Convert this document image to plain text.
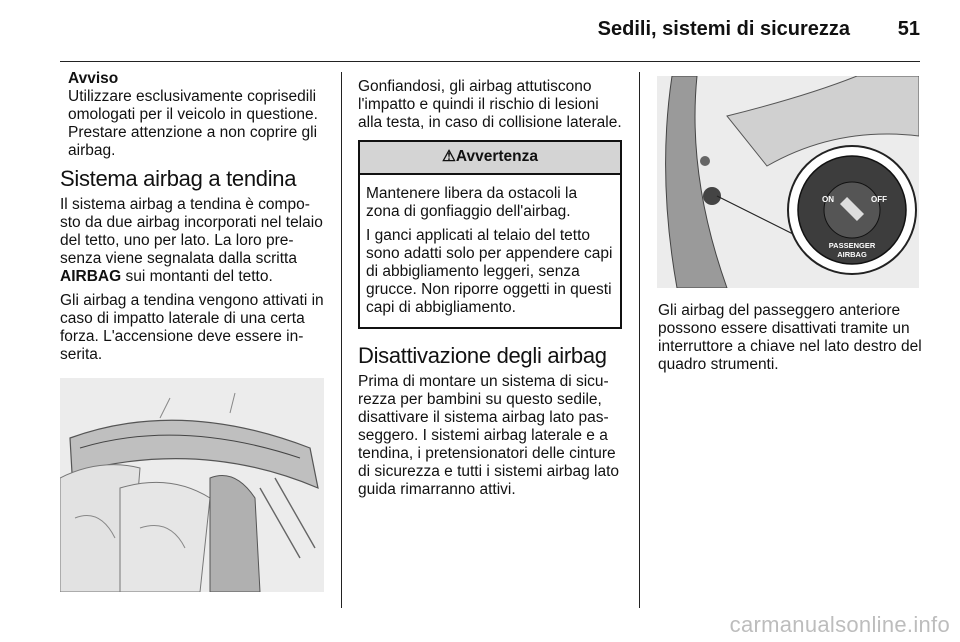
Sedili, sistemi di sicurezza	51
Avviso

Utilizzare esclusivamente coprisedili omologati per il veicolo in questione. Prestare attenzione a non coprire gli airbag.

Sistema airbag a tendina

Il sistema airbag a tendina è composto da due airbag incorporati nel telaio del tetto, uno per lato. La loro presenza viene segnalata dalla scritta AIRBAG sui montanti del tetto.

Gli airbag a tendina vengono attivati in caso di impatto laterale di una certa forza. L'accensione deve essere inserita.

Gonfiandosi, gli airbag attutiscono l'impatto e quindi il rischio di lesioni alla testa, in caso di collisione laterale.

⚠Avvertenza

Mantenere libera da ostacoli la zona di gonfiaggio dell'airbag.

I ganci applicati al telaio del tetto sono adatti solo per appendere capi di abbigliamento leggeri, senza grucce. Non riporre oggetti in questi capi di abbigliamento.

Disattivazione degli airbag

Prima di montare un sistema di sicurezza per bambini su questo sedile, disattivare il sistema airbag lato passeggero. I sistemi airbag laterale e a tendina, i pretensionatori delle cinture di sicurezza e tutti i sistemi airbag lato guida rimarranno attivi.

ON	OFF
PASSENGER
AIRBAG

Gli airbag del passeggero anteriore possono essere disattivati tramite un interruttore a chiave nel lato destro del quadro strumenti.

carmanualsonline.info
